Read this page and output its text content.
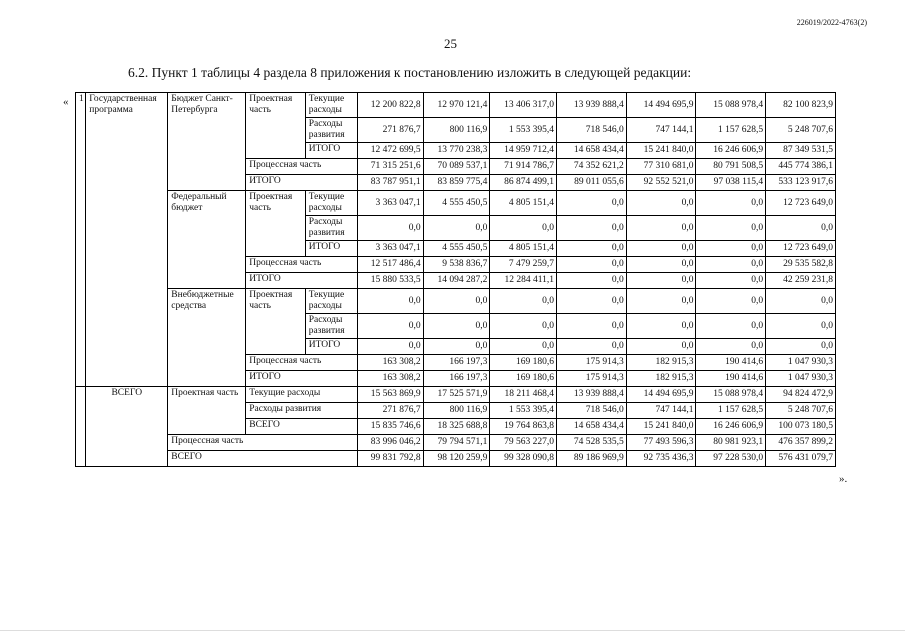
226019/2022-4763(2)
25
6.2. Пункт 1 таблицы 4 раздела 8 приложения к постановлению изложить в следующей редакции:
«
».
1	Государственная программа	Бюджет Санкт-Петербурга	Проектная часть	Текущие расходы	12 200 822,8	12 970 121,4	13 406 317,0	13 939 888,4	14 494 695,9	15 088 978,4	82 100 823,9
				Расходы развития	271 876,7	800 116,9	1 553 395,4	718 546,0	747 144,1	1 157 628,5	5 248 707,6
				ИТОГО	12 472 699,5	13 770 238,3	14 959 712,4	14 658 434,4	15 241 840,0	16 246 606,9	87 349 531,5
			Процессная часть		71 315 251,6	70 089 537,1	71 914 786,7	74 352 621,2	77 310 681,0	80 791 508,5	445 774 386,1
			ИТОГО		83 787 951,1	83 859 775,4	86 874 499,1	89 011 055,6	92 552 521,0	97 038 115,4	533 123 917,6
		Федеральный бюджет	Проектная часть	Текущие расходы	3 363 047,1	4 555 450,5	4 805 151,4	0,0	0,0	0,0	12 723 649,0
				Расходы развития	0,0	0,0	0,0	0,0	0,0	0,0	0,0
				ИТОГО	3 363 047,1	4 555 450,5	4 805 151,4	0,0	0,0	0,0	12 723 649,0
			Процессная часть		12 517 486,4	9 538 836,7	7 479 259,7	0,0	0,0	0,0	29 535 582,8
			ИТОГО		15 880 533,5	14 094 287,2	12 284 411,1	0,0	0,0	0,0	42 259 231,8
		Внебюджетные средства	Проектная часть	Текущие расходы	0,0	0,0	0,0	0,0	0,0	0,0	0,0
				Расходы развития	0,0	0,0	0,0	0,0	0,0	0,0	0,0
				ИТОГО	0,0	0,0	0,0	0,0	0,0	0,0	0,0
			Процессная часть		163 308,2	166 197,3	169 180,6	175 914,3	182 915,3	190 414,6	1 047 930,3
			ИТОГО		163 308,2	166 197,3	169 180,6	175 914,3	182 915,3	190 414,6	1 047 930,3
	ВСЕГО	Проектная часть	Текущие расходы		15 563 869,9	17 525 571,9	18 211 468,4	13 939 888,4	14 494 695,9	15 088 978,4	94 824 472,9
			Расходы развития		271 876,7	800 116,9	1 553 395,4	718 546,0	747 144,1	1 157 628,5	5 248 707,6
			ВСЕГО		15 835 746,6	18 325 688,8	19 764 863,8	14 658 434,4	15 241 840,0	16 246 606,9	100 073 180,5
		Процессная часть			83 996 046,2	79 794 571,1	79 563 227,0	74 528 535,5	77 493 596,3	80 981 923,1	476 357 899,2
		ВСЕГО			99 831 792,8	98 120 259,9	99 328 090,8	89 186 969,9	92 735 436,3	97 228 530,0	576 431 079,7
